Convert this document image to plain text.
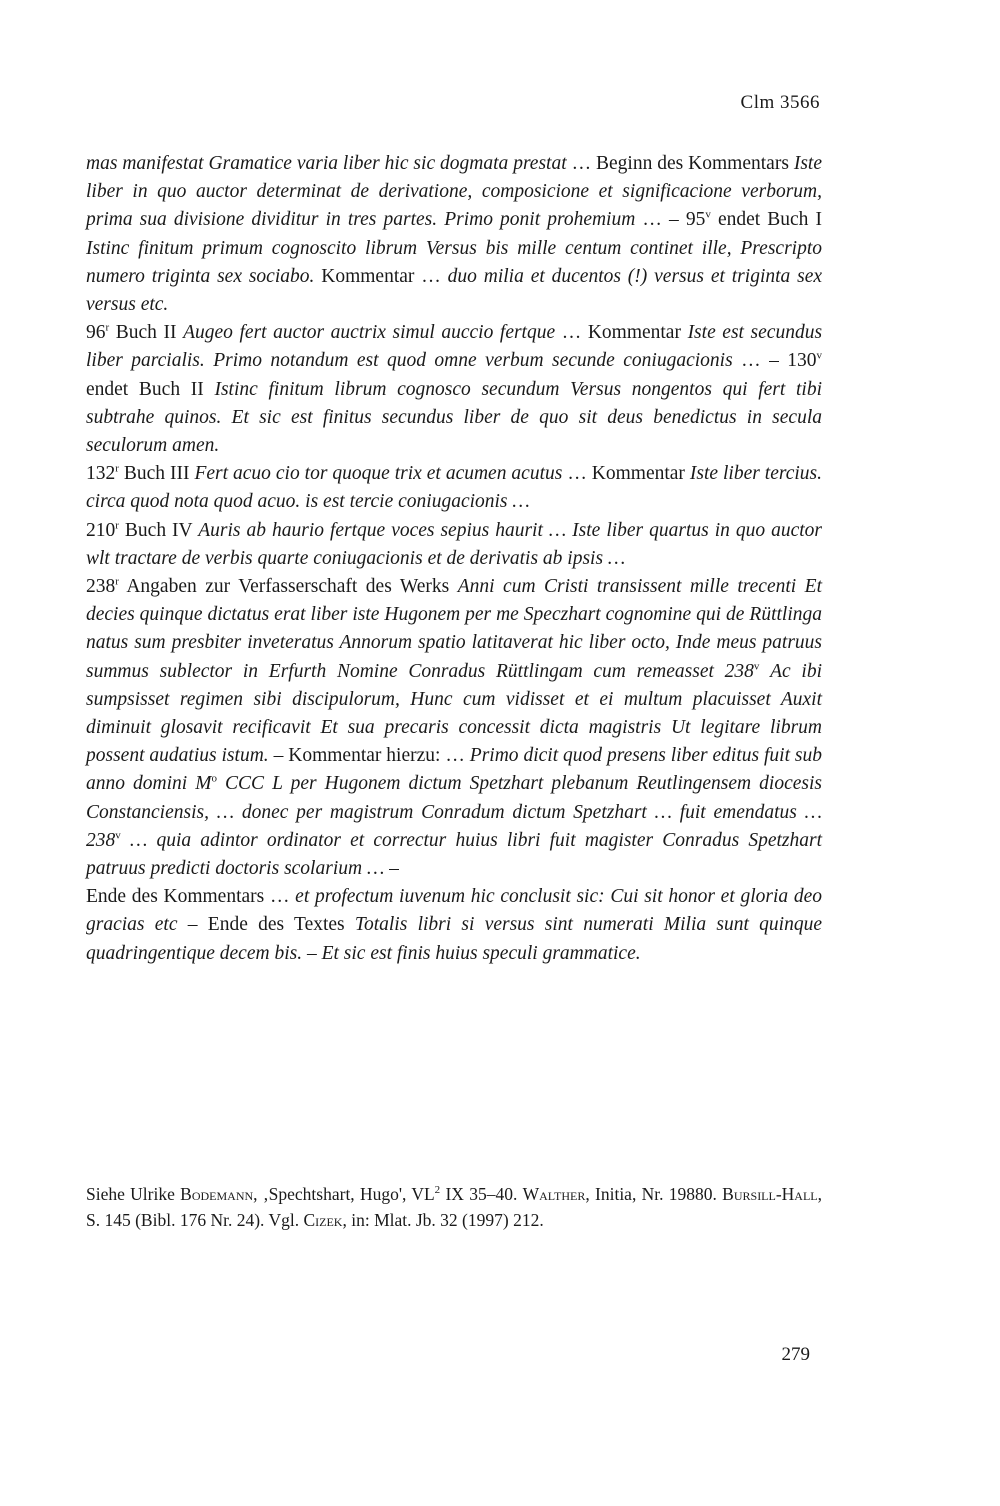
Clm 3566

mas manifestat Gramatice varia liber hic sic dogmata prestat … Beginn des Kommentars Iste liber in quo auctor determinat de derivatione, composicione et significacione verborum, prima sua divisione dividitur in tres partes. Primo ponit prohemium … – 95$^v$ endet Buch I Istinc finitum primum cognoscito librum Versus bis mille centum continet ille, Prescripto numero triginta sex sociabo. Kommentar … duo milia et ducentos (!) versus et triginta sex versus etc.

96$^r$ Buch II Augeo fert auctor auctrix simul auccio fertque … Kommentar Iste est secundus liber parcialis. Primo notandum est quod omne verbum secunde coniugacionis … – 130$^v$ endet Buch II Istinc finitum librum cognosco secundum Versus nongentos qui fert tibi subtrahe quinos. Et sic est finitus secundus liber de quo sit deus benedictus in secula seculorum amen.

132$^r$ Buch III Fert acuo cio tor quoque trix et acumen acutus … Kommentar Iste liber tercius. circa quod nota quod acuo. is est tercie coniugacionis …

210$^r$ Buch IV Auris ab haurio fertque voces sepius haurit … Iste liber quartus in quo auctor wlt tractare de verbis quarte coniugacionis et de derivatis ab ipsis …

238$^r$ Angaben zur Verfasserschaft des Werks Anni cum Cristi transissent mille trecenti Et decies quinque dictatus erat liber iste Hugonem per me Speczhart cognomine qui de Rüttlinga natus sum presbiter inveteratus Annorum spatio latitaverat hic liber octo, Inde meus patruus summus sublector in Erfurth Nomine Conradus Rüttlingam cum remeasset 238$^v$ Ac ibi sumpsisset regimen sibi discipulorum, Hunc cum vidisset et ei multum placuisset Auxit diminuit glosavit recificavit Et sua precaris concessit dicta magistris Ut legitare librum possent audatius istum. – Kommentar hierzu: … Primo dicit quod presens liber editus fuit sub anno domini $M^o$ CCC L per Hugonem dictum Spetzhart plebanum Reutlingensem diocesis Constanciensis, … donec per magistrum Conradum dictum Spetzhart … fuit emendatus … 238$^v$ … quia adintor ordinator et correctur huius libri fuit magister Conradus Spetzhart patruus predicti doctoris scolarium … –

Ende des Kommentars … et profectum iuvenum hic conclusit sic: Cui sit honor et gloria deo gracias etc – Ende des Textes Totalis libri si versus sint numerati Milia sunt quinque quadringentique decem bis. – Et sic est finis huius speculi grammatice.

Siehe Ulrike Bodemann, ‚Spechtshart, Hugo', $VL^2$ IX 35–40. Walther, Initia, Nr. 19880. Bursill-Hall, S. 145 (Bibl. 176 Nr. 24). Vgl. Cizek, in: Mlat. Jb. 32 (1997) 212.
279
